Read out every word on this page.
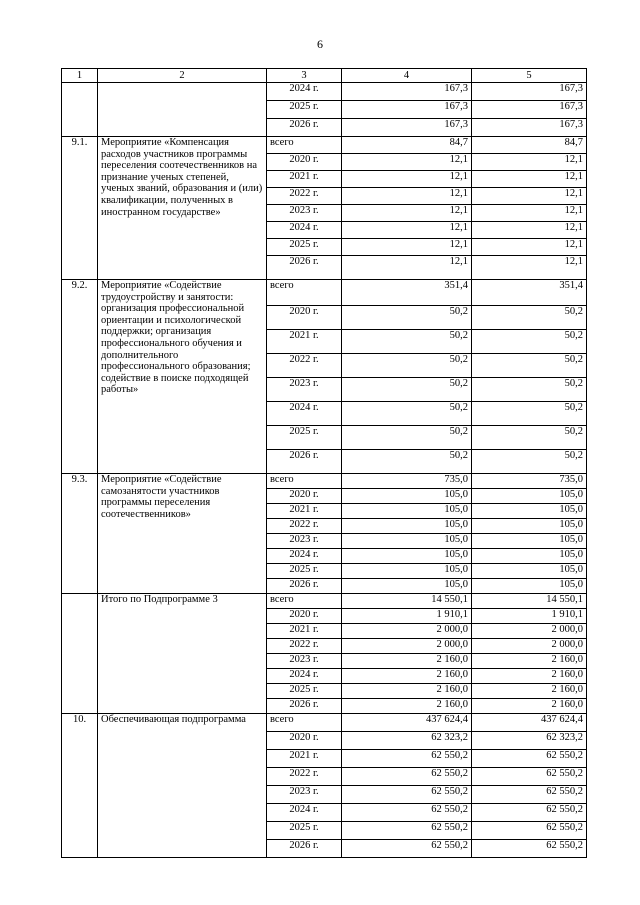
6
1	2	3	4	5
		2024 г.	167,3	167,3
		2025 г.	167,3	167,3
		2026 г.	167,3	167,3
9.1.	Мероприятие «Компенсация расходов участников программы переселения соотечественников на признание ученых степеней, ученых званий, образования и (или) квалификации, полученных в иностранном государстве»	всего	84,7	84,7
		2020 г.	12,1	12,1
		2021 г.	12,1	12,1
		2022 г.	12,1	12,1
		2023 г.	12,1	12,1
		2024 г.	12,1	12,1
		2025 г.	12,1	12,1
		2026 г.	12,1	12,1
9.2.	Мероприятие «Содействие трудоустройству и занятости: организация профессиональной ориентации и психологической поддержки; организация профессионального обучения и дополнительного профессионального образования; содействие в поиске подходящей работы»	всего	351,4	351,4
		2020 г.	50,2	50,2
		2021 г.	50,2	50,2
		2022 г.	50,2	50,2
		2023 г.	50,2	50,2
		2024 г.	50,2	50,2
		2025 г.	50,2	50,2
		2026 г.	50,2	50,2
9.3.	Мероприятие «Содействие самозанятости участников программы переселения соотечественников»	всего	735,0	735,0
		2020 г.	105,0	105,0
		2021 г.	105,0	105,0
		2022 г.	105,0	105,0
		2023 г.	105,0	105,0
		2024 г.	105,0	105,0
		2025 г.	105,0	105,0
		2026 г.	105,0	105,0
	Итого по Подпрограмме 3	всего	14 550,1	14 550,1
		2020 г.	1 910,1	1 910,1
		2021 г.	2 000,0	2 000,0
		2022 г.	2 000,0	2 000,0
		2023 г.	2 160,0	2 160,0
		2024 г.	2 160,0	2 160,0
		2025 г.	2 160,0	2 160,0
		2026 г.	2 160,0	2 160,0
10.	Обеспечивающая подпрограмма	всего	437 624,4	437 624,4
		2020 г.	62 323,2	62 323,2
		2021 г.	62 550,2	62 550,2
		2022 г.	62 550,2	62 550,2
		2023 г.	62 550,2	62 550,2
		2024 г.	62 550,2	62 550,2
		2025 г.	62 550,2	62 550,2
		2026 г.	62 550,2	62 550,2
